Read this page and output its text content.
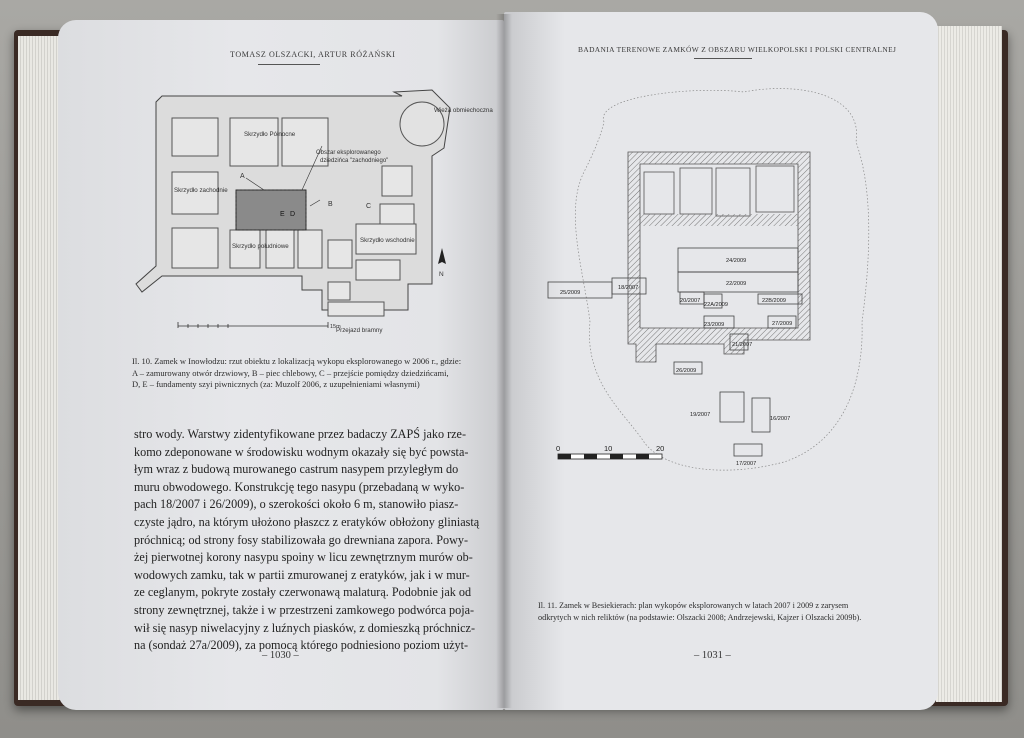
TOMASZ OLSZACKI, ARTUR RÓŻAŃSKI
Wieża obmiechoczna
Skrzydło Północne
Obszar eksplorowanego
dziedzińca "zachodniego"
Skrzydło zachodnie
Skrzydło południowe
Skrzydło wschodnie
Przejazd bramny
A
B	C
E D
N
15m
Il. 10. Zamek w Inowłodzu: rzut obiektu z lokalizacją wykopu eksplorowanego w 2006 r., gdzie:
A – zamurowany otwór drzwiowy, B – piec chlebowy, C – przejście pomiędzy dziedzińcami,
D, E – fundamenty szyi piwnicznych (za: Muzolf 2006, z uzupełnieniami własnymi)
stro wody. Warstwy zidentyfikowane przez badaczy ZAPŚ jako rze-
komo zdeponowane w środowisku wodnym okazały się być powsta-
łym wraz z budową murowanego castrum nasypem przyległym do
muru obwodowego. Konstrukcję tego nasypu (przebadaną w wyko-
pach 18/2007 i 26/2009), o szerokości około 6 m, stanowiło piasz-
czyste jądro, na którym ułożono płaszcz z eratyków obłożony gliniastą
próchnicą; od strony fosy stabilizowała go drewniana zapora. Powy-
żej pierwotnej korony nasypu spoiny w licu zewnętrznym murów ob-
wodowych zamku, tak w partii zmurowanej z eratyków, jak i w mur-
ze ceglanym, pokryte zostały czerwonawą malaturą. Podobnie jak od
strony zewnętrznej, także i w przestrzeni zamkowego podwórca poja-
wił się nasyp niwelacyjny z luźnych piasków, z domieszką próchnicz-
na (sondaż 27a/2009), za pomocą którego podniesiono poziom użyt-
– 1030 –
BADANIA TERENOWE ZAMKÓW Z OBSZARU WIELKOPOLSKI I POLSKI CENTRALNEJ
24/2009
22/2009
25/2009
18/2007
20/2007
22A/2009
22B/2009
23/2009	27/2009
21/2007
26/2009
19/2007
16/2007
17/2007
0	10	20
Il. 11. Zamek w Besiekierach: plan wykopów eksplorowanych w latach 2007 i 2009 z zarysem
odkrytych w nich reliktów (na podstawie: Olszacki 2008; Andrzejewski, Kajzer i Olszacki 2009b).
– 1031 –
